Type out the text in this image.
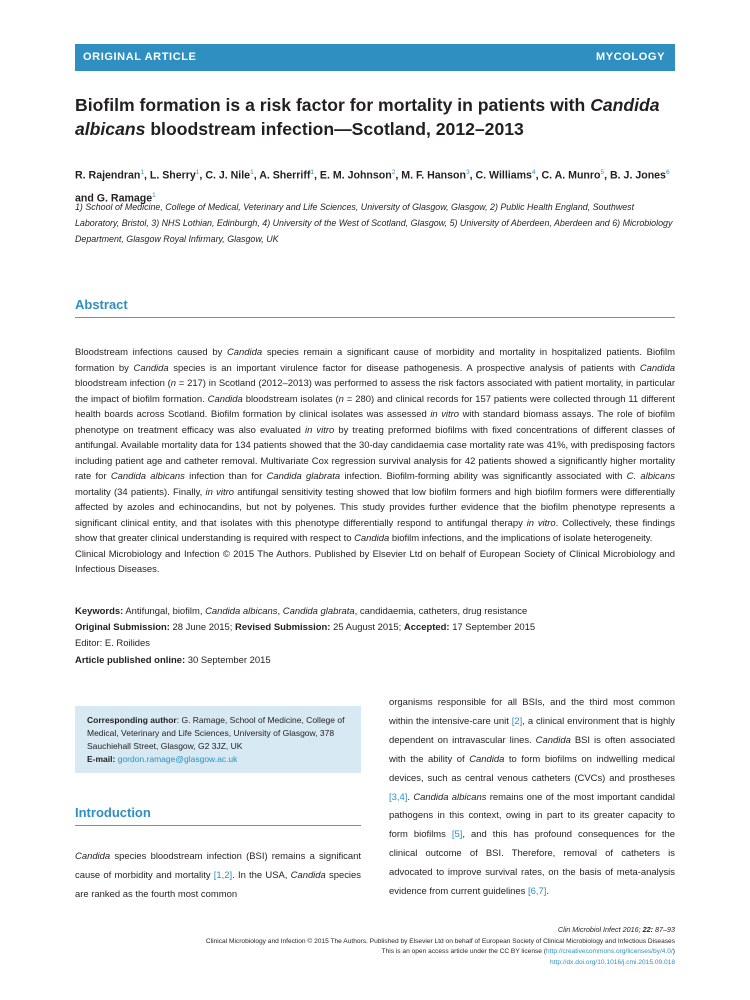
ORIGINAL ARTICLE	MYCOLOGY
Biofilm formation is a risk factor for mortality in patients with Candida albicans bloodstream infection—Scotland, 2012–2013
R. Rajendran$^1$, L. Sherry$^1$, C. J. Nile$^1$, A. Sherriff$^1$, E. M. Johnson$^2$, M. F. Hanson$^3$, C. Williams$^4$, C. A. Munro$^5$, B. J. Jones$^6$ and G. Ramage$^1$
1) School of Medicine, College of Medical, Veterinary and Life Sciences, University of Glasgow, Glasgow, 2) Public Health England, Southwest Laboratory, Bristol, 3) NHS Lothian, Edinburgh, 4) University of the West of Scotland, Glasgow, 5) University of Aberdeen, Aberdeen and 6) Microbiology Department, Glasgow Royal Infirmary, Glasgow, UK
Abstract

Bloodstream infections caused by Candida species remain a significant cause of morbidity and mortality in hospitalized patients. Biofilm formation by Candida species is an important virulence factor for disease pathogenesis. A prospective analysis of patients with Candida bloodstream infection (n = 217) in Scotland (2012–2013) was performed to assess the risk factors associated with patient mortality, in particular the impact of biofilm formation. Candida bloodstream isolates (n = 280) and clinical records for 157 patients were collected through 11 different health boards across Scotland. Biofilm formation by clinical isolates was assessed in vitro with standard biomass assays. The role of biofilm phenotype on treatment efficacy was also evaluated in vitro by treating preformed biofilms with fixed concentrations of different classes of antifungal. Available mortality data for 134 patients showed that the 30-day candidaemia case mortality rate was 41%, with predisposing factors including patient age and catheter removal. Multivariate Cox regression survival analysis for 42 patients showed a significantly higher mortality rate for Candida albicans infection than for Candida glabrata infection. Biofilm-forming ability was significantly associated with C. albicans mortality (34 patients). Finally, in vitro antifungal sensitivity testing showed that low biofilm formers and high biofilm formers were differentially affected by azoles and echinocandins, but not by polyenes. This study provides further evidence that the biofilm phenotype represents a significant clinical entity, and that isolates with this phenotype differentially respond to antifungal therapy in vitro. Collectively, these findings show that greater clinical understanding is required with respect to Candida biofilm infections, and the implications of isolate heterogeneity.

Clinical Microbiology and Infection © 2015 The Authors. Published by Elsevier Ltd on behalf of European Society of Clinical Microbiology and Infectious Diseases.

Keywords: Antifungal, biofilm, Candida albicans, Candida glabrata, candidaemia, catheters, drug resistance

Original Submission: 28 June 2015; Revised Submission: 25 August 2015; Accepted: 17 September 2015

Editor: E. Roilides

Article published online: 30 September 2015

Corresponding author: G. Ramage, School of Medicine, College of Medical, Veterinary and Life Sciences, University of Glasgow, 378 Sauchiehall Street, Glasgow, G2 3JZ, UK
E-mail: gordon.ramage@glasgow.ac.uk
Introduction

Candida species bloodstream infection (BSI) remains a significant cause of morbidity and mortality [1,2]. In the USA, Candida species are ranked as the fourth most common

organisms responsible for all BSIs, and the third most common within the intensive-care unit [2], a clinical environment that is highly dependent on intravascular lines. Candida BSI is often associated with the ability of Candida to form biofilms on indwelling medical devices, such as central venous catheters (CVCs) and prostheses [3,4]. Candida albicans remains one of the most important candidal pathogens in this context, owing in part to its greater capacity to form biofilms [5], and this has profound consequences for the clinical outcome of BSI. Therefore, removal of catheters is advocated to improve survival rates, on the basis of meta-analysis evidence from current guidelines [6,7].

Clin Microbiol Infect 2016; 22: 87–93
Clinical Microbiology and Infection © 2015 The Authors. Published by Elsevier Ltd on behalf of European Society of Clinical Microbiology and Infectious Diseases
This is an open access article under the CC BY license (http://creativecommons.org/licenses/by/4.0/)
http://dx.doi.org/10.1016/j.cmi.2015.09.018
